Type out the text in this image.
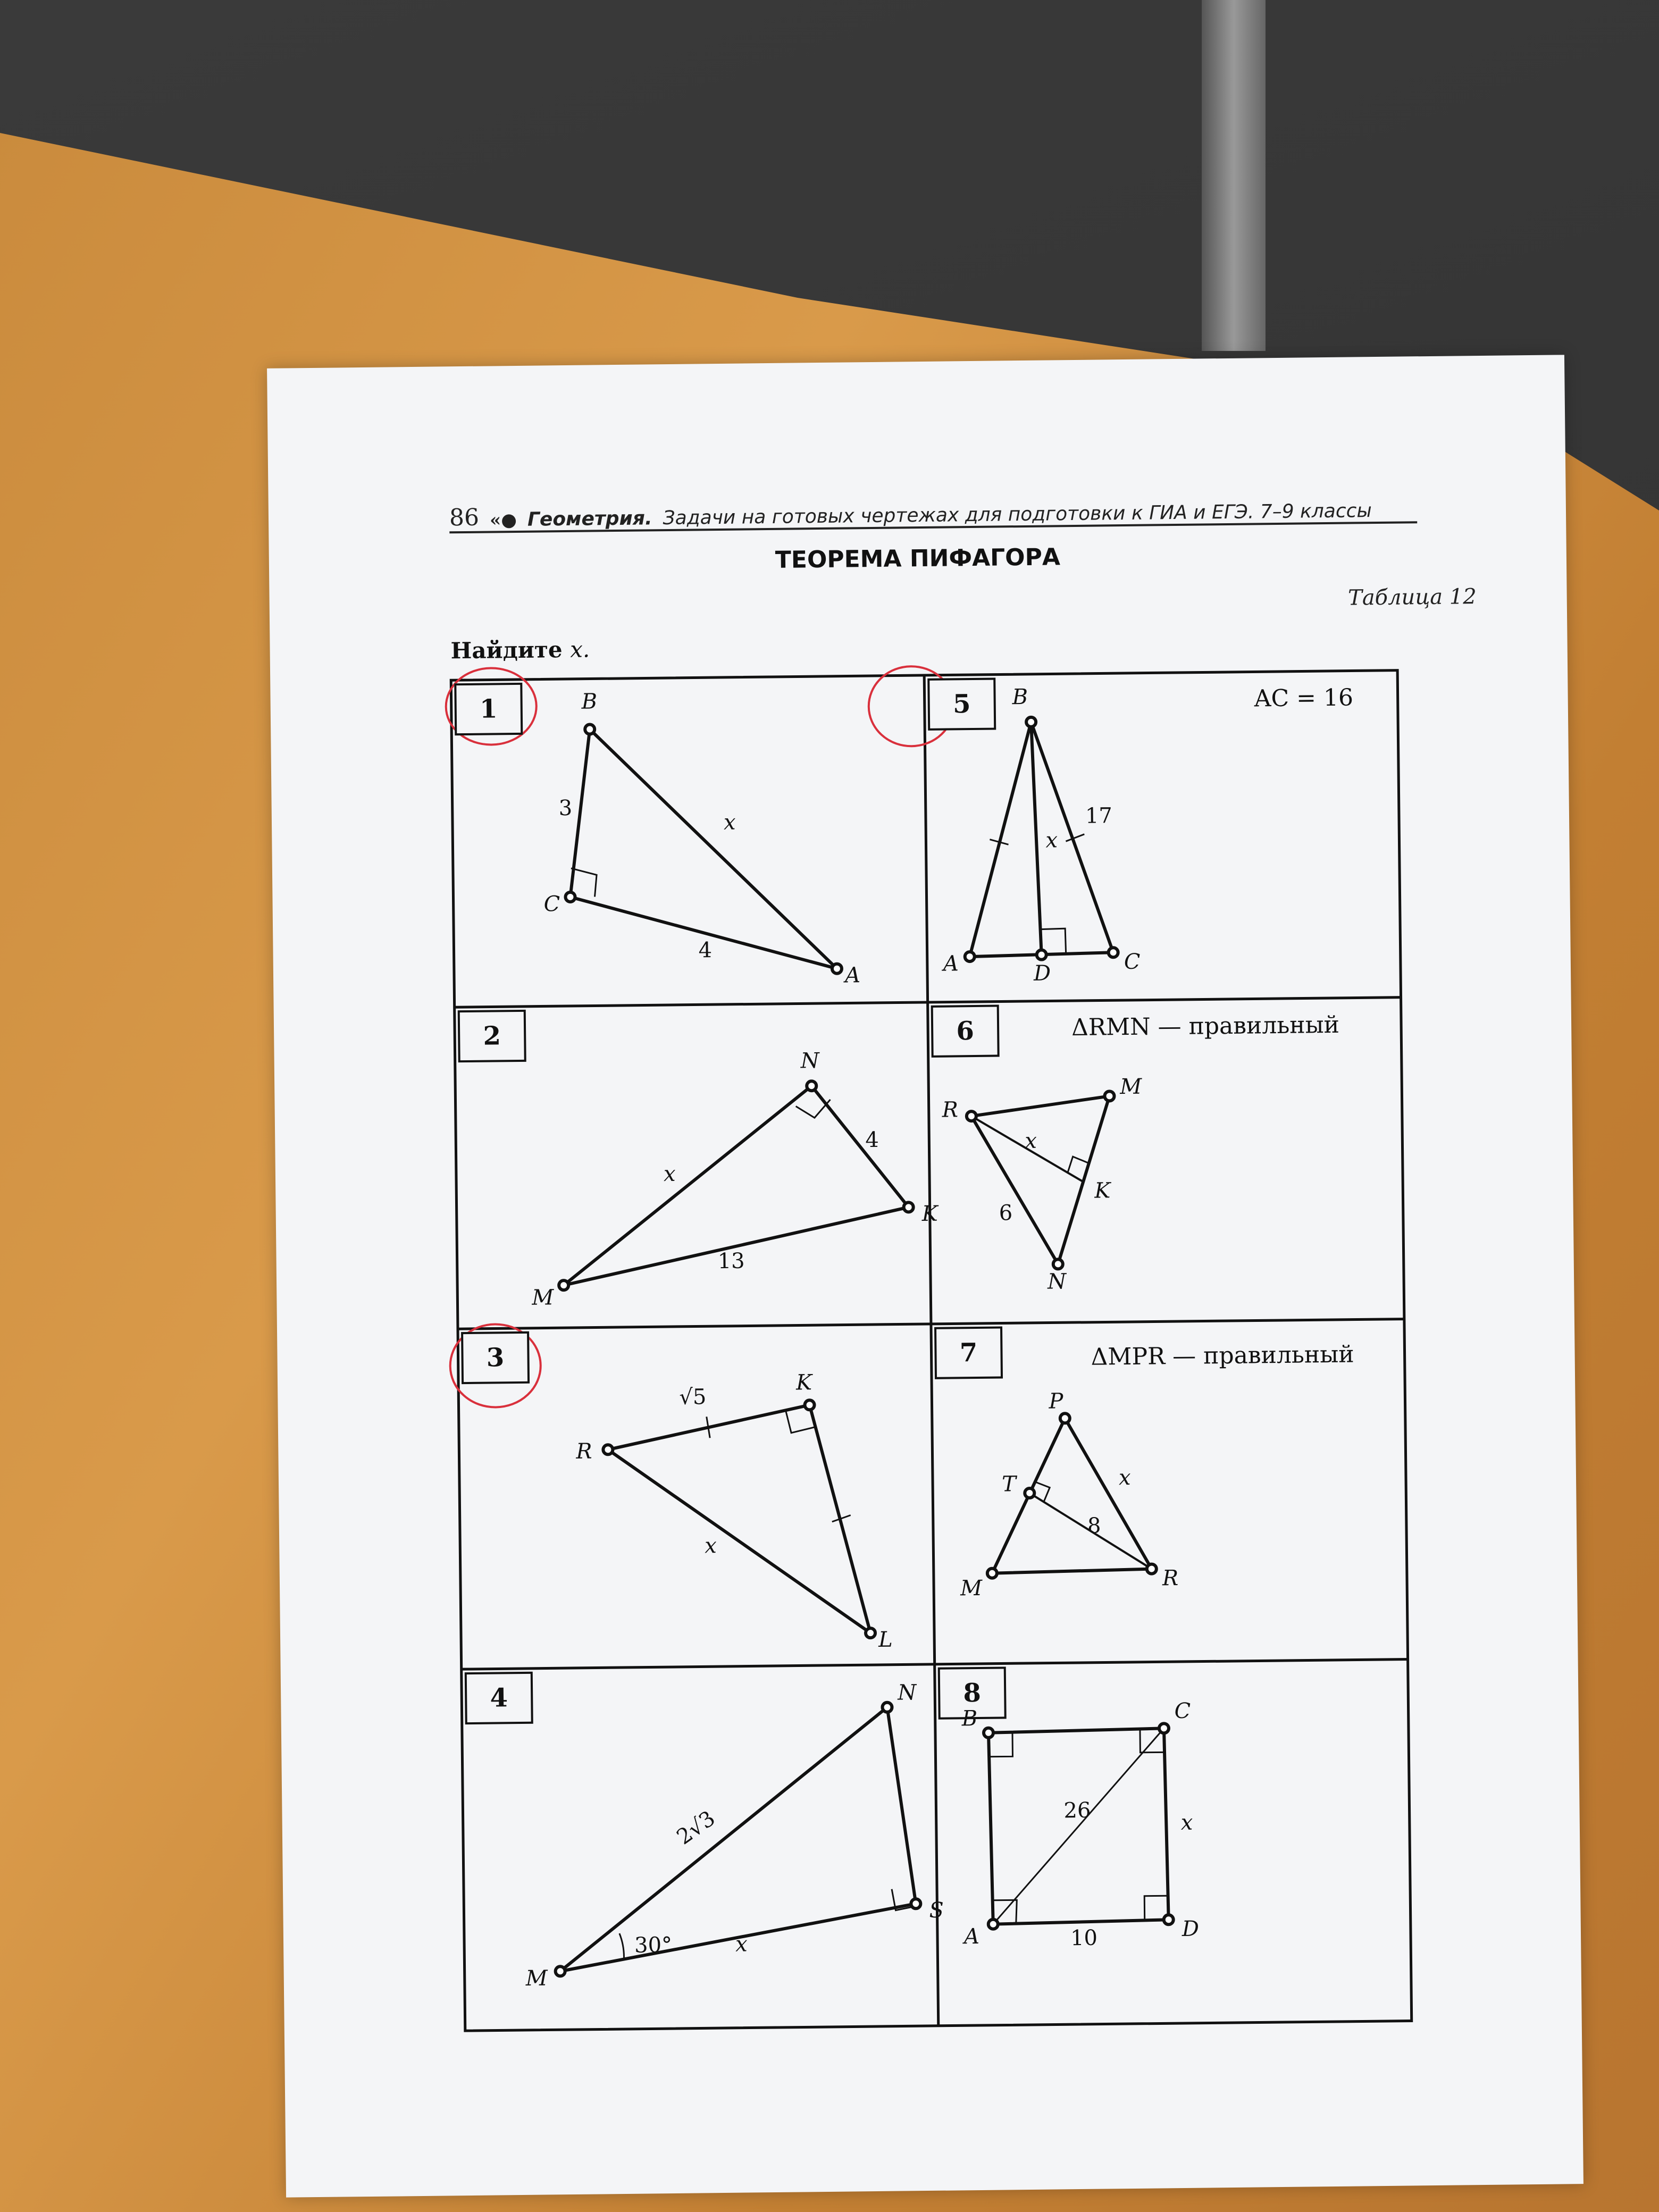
86 «● Геометрия. Задачи на готовых чертежах для подготовки к ГИА и ЕГЭ. 7–9 классы
ТЕОРЕМА ПИФАГОРА
Таблица 12
Найдите x.
1
2
3
4
5
6
7
8
AC = 16
ΔRMN — правильный
ΔMPR — правильный
B
C
A
3
4
x
N
K
M
4
13
x
R
K
L
√5
x
N
S
M
2√3
x
30°
B
A	D	C
17
x
R
M
K
N
6
x
P
T
M	R
8
x
B	C
A	D
26
10
x
